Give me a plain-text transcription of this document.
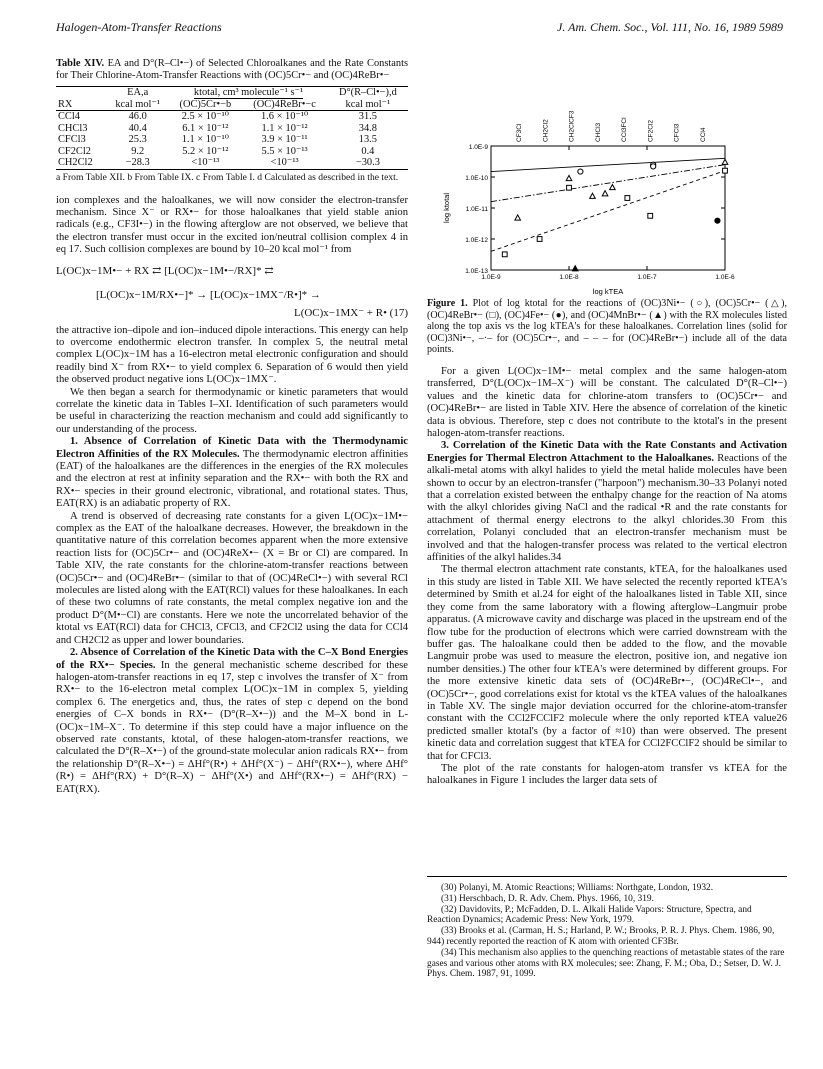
Halogen-Atom-Transfer Reactions	J. Am. Chem. Soc., Vol. 111, No. 16, 1989 5989
Table XIV. EA and D°(R–Cl•−) of Selected Chloroalkanes and the Rate Constants for Their Chlorine-Atom-Transfer Reactions with (OC)5Cr•− and (OC)4ReBr•−
	EA,a	ktotal, cm³ molecule⁻¹ s⁻¹		D°(R–Cl•−),d
RX	kcal mol⁻¹	(OC)5Cr•−b	(OC)4ReBr•−c	kcal mol⁻¹
CCl4	46.0	2.5 × 10⁻¹⁰	1.6 × 10⁻¹⁰	31.5
CHCl3	40.4	6.1 × 10⁻¹²	1.1 × 10⁻¹²	34.8
CFCl3	25.3	1.1 × 10⁻¹⁰	3.9 × 10⁻¹¹	13.5
CF2Cl2	9.2	5.2 × 10⁻¹²	5.5 × 10⁻¹³	0.4
CH2Cl2	−28.3	<10⁻¹³	<10⁻¹³	−30.3
a From Table XII. b From Table IX. c From Table I. d Calculated as described in the text.

ion complexes and the haloalkanes, we will now consider the electron-transfer mechanism. Since X⁻ or RX•− for those haloalkanes that yield stable anion radicals (e.g., CF3I•−) in the flowing afterglow are not observed, we believe that the electron transfer must occur in the excited ion/neutral collision complex 4 in eq 17. Such collision complexes are bound by 10–20 kcal mol⁻¹ from

L(OC)x−1M•− + RX ⇄ [L(OC)x−1M•−/RX]* ⇄
[L(OC)x−1M/RX•−]* → [L(OC)x−1MX⁻/R•]* →
L(OC)x−1MX⁻ + R• (17)

the attractive ion–dipole and ion–induced dipole interactions. This energy can help to overcome endothermic electron transfer. In complex 5, the neutral metal complex L(OC)x−1M has a 16-electron metal electronic configuration and should readily bind X⁻ from RX•− to yield complex 6. Separation of 6 would then yield the observed product negative ions L(OC)x−1MX⁻.

We then began a search for thermodynamic or kinetic parameters that would correlate the kinetic data in Tables I–XI. Identification of such parameters would be useful in characterizing the reaction mechanism and could add significantly to our understanding of the process.

1. Absence of Correlation of Kinetic Data with the Thermodynamic Electron Affinities of the RX Molecules. The thermodynamic electron affinities (EAT) of the haloalkanes are the differences in the energies of the RX molecules and the electron at rest at infinity separation and the RX•− with both the RX and RX•− species in their ground electronic, vibrational, and rotational states. Thus, EAT(RX) is an adiabatic property of RX.

A trend is observed of decreasing rate constants for a given L(OC)x−1M•− complex as the EAT of the haloalkane decreases. However, the breakdown in the quantitative nature of this correlation becomes apparent when the more extensive reaction lists for (OC)5Cr•− and (OC)4ReX•− (X = Br or Cl) are compared. In Table XIV, the rate constants for the chlorine-atom-transfer reactions between (OC)5Cr•− and (OC)4ReBr•− (similar to that of (OC)4ReCl•−) with several RCl molecules are listed along with the EAT(RCl) values for these haloalkanes. In each of these two columns of rate constants, the metal complex negative ion and the product D°(M•−Cl) are constants. Here we note the uncorrelated behavior of the ktotal vs EAT(RCl) data for CHCl3, CFCl3, and CF2Cl2 using the data for CCl4 and CH2Cl2 as upper and lower boundaries.

2. Absence of Correlation of the Kinetic Data with the C–X Bond Energies of the RX•− Species. In the general mechanistic scheme described for these halogen-atom-transfer reactions in eq 17, step c involves the transfer of X⁻ from RX•− to the 16-electron metal complex L(OC)x−1M in complex 5, yielding complex 6. The energetics and, thus, the rates of step c depend on the bond energies of C–X bonds in RX•− (D°(R–X•−)) and the M–X bond in L-(OC)x−1M–X⁻. To determine if this step could have a major influence on the observed rate constants, ktotal, of these halogen-atom-transfer reactions, we calculated the D°(R–X•−) of the ground-state molecular anion radicals RX•− from the relationship D°(R–X•−) = ΔHf°(R•) + ΔHf°(X⁻) − ΔHf°(RX•−), where ΔHf°(R•) = ΔHf°(RX) + D°(R–X) − ΔHf°(X•) and ΔHf°(RX•−) = ΔHf°(RX) − EAT(RX).

1.0E-9
1.0E-10
1.0E-11
1.0E-12
1.0E-13
1.0E-9	1.0E-8	1.0E-7	1.0E-6
log kTEA
log ktotal
CF3Cl	CH2Cl2	CH2ClCF3	CHCl3	CCl3FCl	CF2Cl2	CFCl3	CCl4
Figure 1. Plot of log ktotal for the reactions of (OC)3Ni•− (○), (OC)5Cr•− (△), (OC)4ReBr•− (□), (OC)4Fe•− (●), and (OC)4MnBr•− (▲) with the RX molecules listed along the top axis vs the log kTEA's for these haloalkanes. Correlation lines (solid for (OC)3Ni•−, –·– for (OC)5Cr•−, and – – – for (OC)4ReBr•−) include all of the data points.

For a given L(OC)x−1M•− metal complex and the same halogen-atom transferred, D°(L(OC)x−1M–X⁻) will be constant. The calculated D°(R–Cl•−) values and the kinetic data for chlorine-atom transfers to (OC)5Cr•− and (OC)4ReBr•− are listed in Table XIV. Here the absence of correlation of the kinetic data is obvious. Therefore, step c does not contribute to the ktotal's in the present halogen-atom-transfer reactions.

3. Correlation of the Kinetic Data with the Rate Constants and Activation Energies for Thermal Electron Attachment to the Haloalkanes. Reactions of the alkali-metal atoms with alkyl halides to yield the metal halide molecules have been shown to occur by an electron-transfer ("harpoon") mechanism.30–33 Polanyi noted that a correlation existed between the enthalpy change for the reaction of Na atoms with the alkyl chlorides giving NaCl and the radical •R and the rate constants for attachment of thermal energy electrons to the alkyl chlorides.30 From this correlation, Polanyi concluded that an electron-transfer mechanism must be involved and that the halogen-transfer process was related to the vertical electron affinities of the alkyl halides.34

The thermal electron attachment rate constants, kTEA, for the haloalkanes used in this study are listed in Table XII. We have selected the recently reported kTEA's determined by Smith et al.24 for eight of the haloalkanes listed in Table XII, since they come from the same laboratory with a flowing afterglow–Langmuir probe apparatus. (A microwave cavity and discharge was placed in the upstream end of the flow tube for the production of electrons which were carried downstream with the buffer gas. The haloalkane could then be added to the flow, and the movable Langmuir probe was used to measure the electron, positive ion, and negative ion number densities.) The other four kTEA's were determined by different groups. For the more extensive kinetic data sets of (OC)4ReBr•−, (OC)4ReCl•−, and (OC)5Cr•−, good correlations exist for ktotal vs the kTEA values of the haloalkanes in Table XV. The single major deviation occurred for the chlorine-atom-transfer constant with the CCl2FCClF2 molecule where the only reported kTEA value26 predicted smaller ktotal's (by a factor of ≈10) than were observed. The present kinetic data and correlation suggest that kTEA for CCl2FCClF2 should be similar to that for CFCl3.

The plot of the rate constants for halogen-atom transfer vs kTEA for the haloalkanes in Figure 1 includes the larger data sets of

(30) Polanyi, M. Atomic Reactions; Williams: Northgate, London, 1932.
(31) Herschbach, D. R. Adv. Chem. Phys. 1966, 10, 319.
(32) Davidovits, P.; McFadden, D. L. Alkali Halide Vapors: Structure, Spectra, and Reaction Dynamics; Academic Press: New York, 1979.
(33) Brooks et al. (Carman, H. S.; Harland, P. W.; Brooks, P. R. J. Phys. Chem. 1986, 90, 944) recently reported the reaction of K atom with oriented CF3Br.
(34) This mechanism also applies to the quenching reactions of metastable states of the rare gases and various other atoms with RX molecules; see: Zhang, F. M.; Oba, D.; Setser, D. W. J. Phys. Chem. 1987, 91, 1099.
